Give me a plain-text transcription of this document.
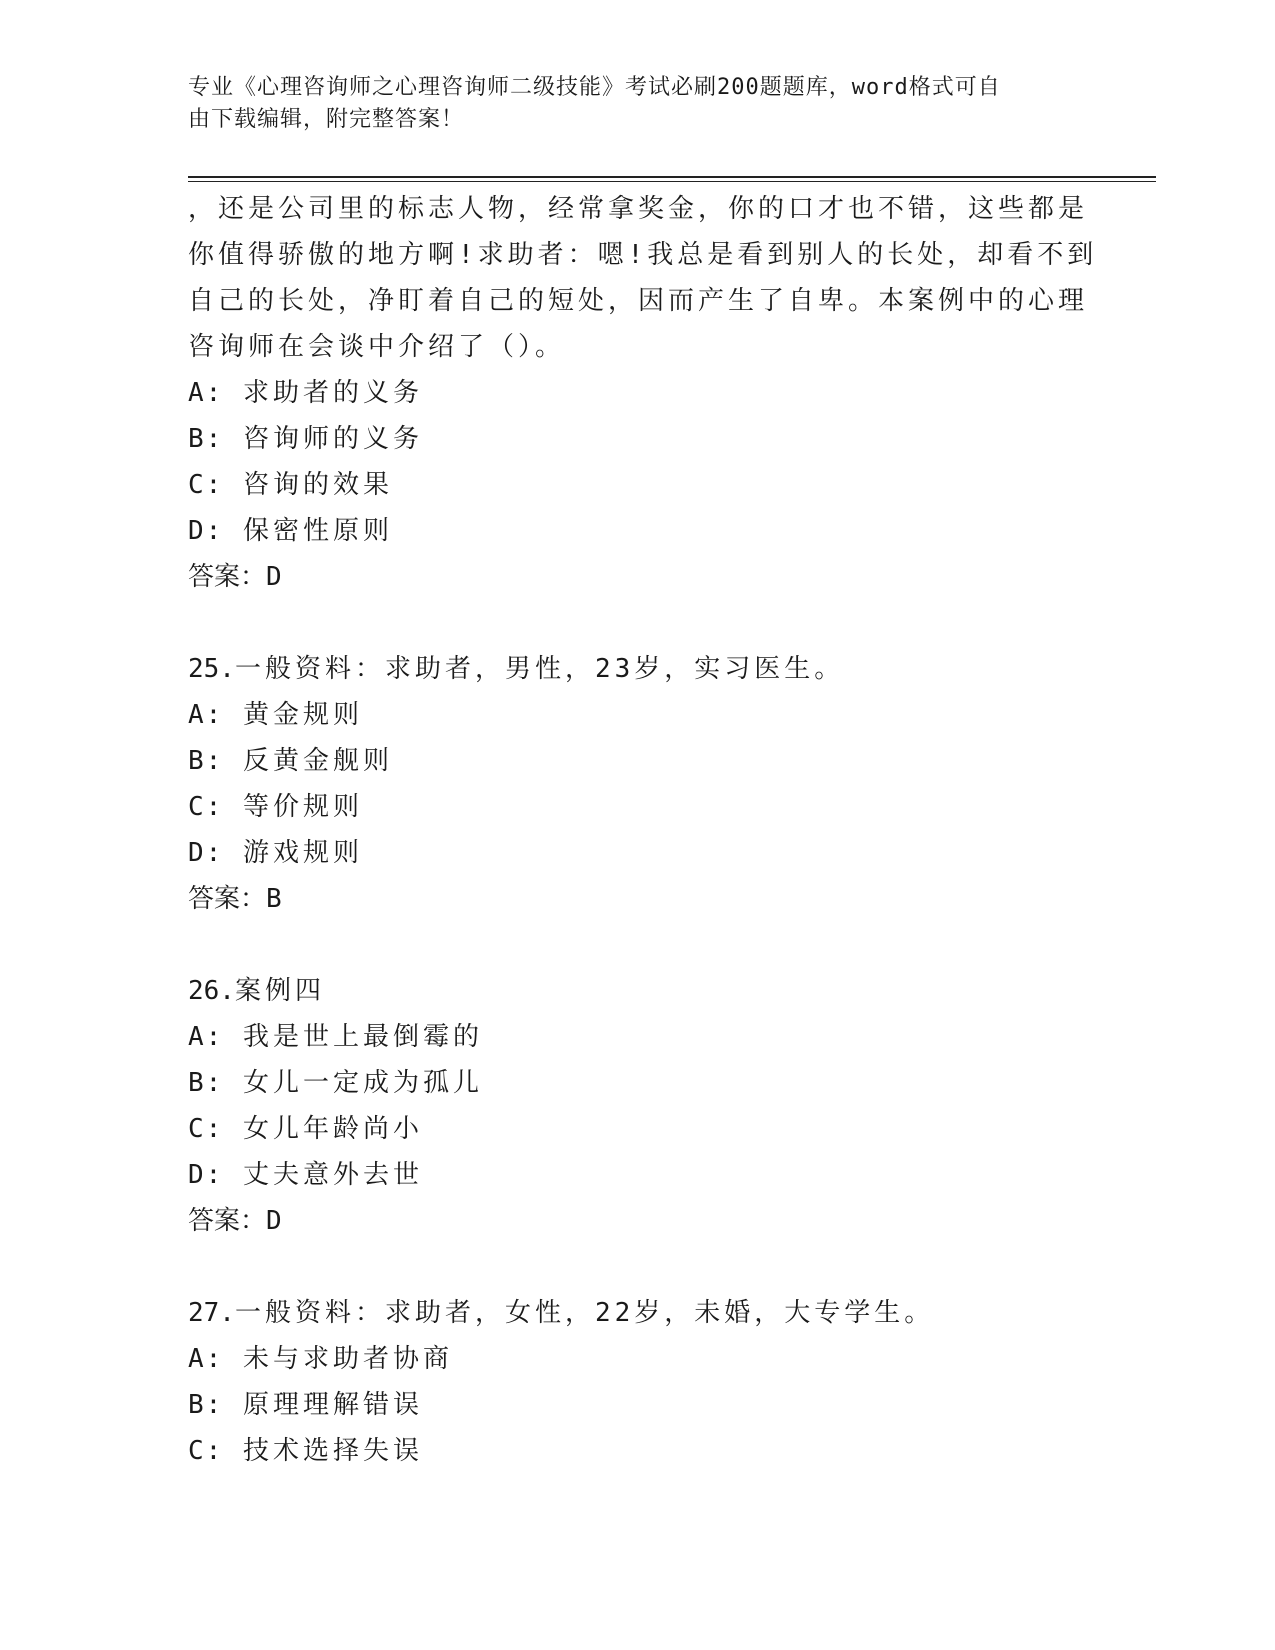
专业《心理咨询师之心理咨询师二级技能》考试必刷200题题库，word格式可自
由下载编辑，附完整答案！
，还是公司里的标志人物，经常拿奖金，你的口才也不错，这些都是
你值得骄傲的地方啊!求助者：嗯!我总是看到别人的长处，却看不到
自己的长处，净盯着自己的短处，因而产生了自卑。本案例中的心理
咨询师在会谈中介绍了（）。
A: 求助者的义务
B: 咨询师的义务
C: 咨询的效果
D: 保密性原则
答案：D
25.一般资料：求助者，男性，23岁，实习医生。
A: 黄金规则
B: 反黄金舰则
C: 等价规则
D: 游戏规则
答案：B
26.案例四
A: 我是世上最倒霉的
B: 女儿一定成为孤儿
C: 女儿年龄尚小
D: 丈夫意外去世
答案：D
27.一般资料：求助者，女性，22岁，未婚，大专学生。
A: 未与求助者协商
B: 原理理解错误
C: 技术选择失误
